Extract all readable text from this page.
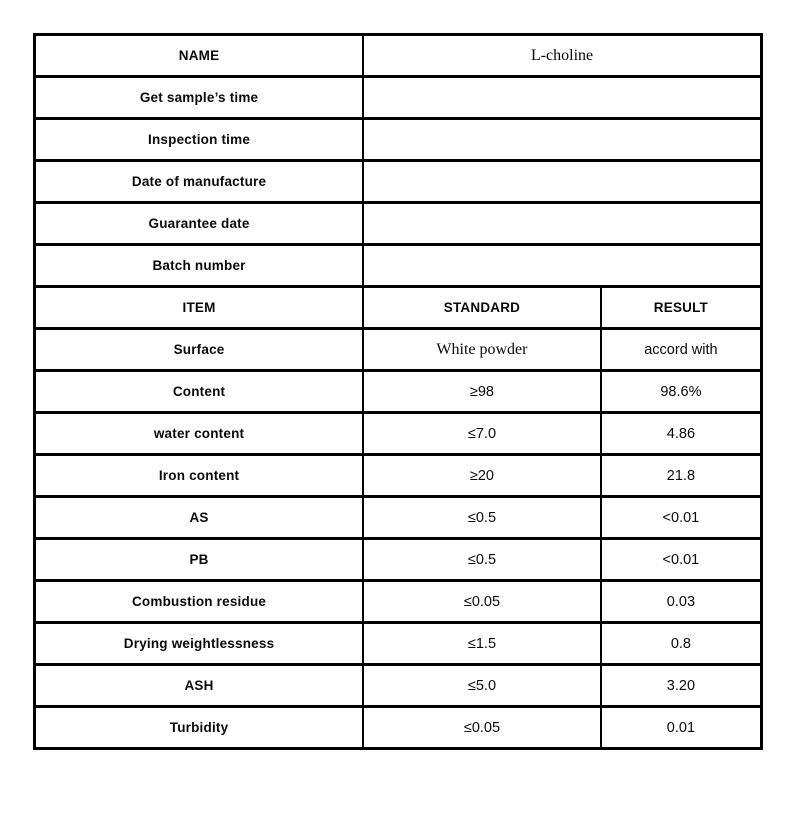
NAME	L-choline	
Get sample’s time		
Inspection time		
Date of manufacture		
Guarantee date		
Batch number		
ITEM	STANDARD	RESULT
Surface	White powder	accord with
Content	≥98	98.6%
water content	≤7.0	4.86
Iron content	≥20	21.8
AS	≤0.5	<0.01
PB	≤0.5	<0.01
Combustion residue	≤0.05	0.03
Drying weightlessness	≤1.5	0.8
ASH	≤5.0	3.20
Turbidity	≤0.05	0.01
